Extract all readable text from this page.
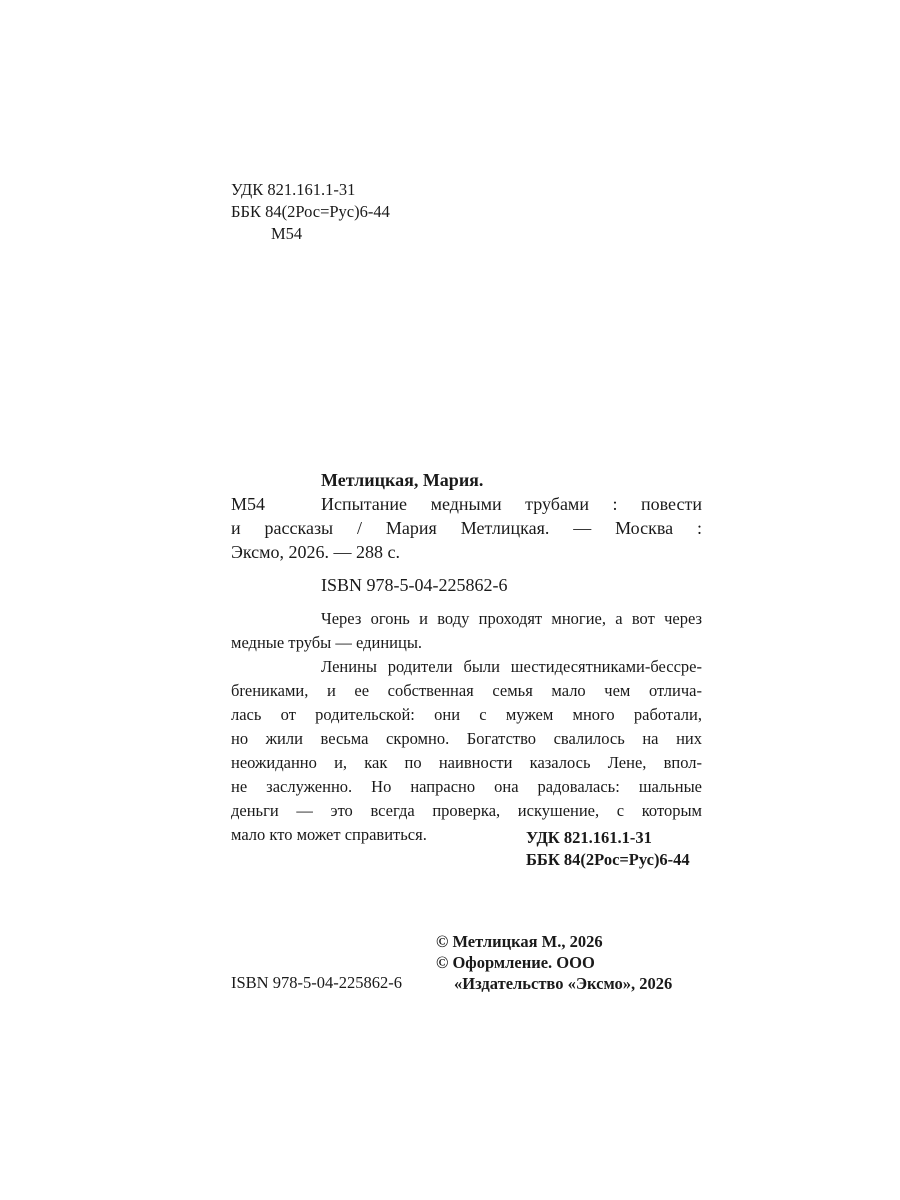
УДК 821.161.1-31
ББК 84(2Рос=Рус)6-44
М54
Метлицкая, Мария.
М54	Испытание медными трубами : повести
и рассказы / Мария Метлицкая. — Москва :
Эксмо, 2026. — 288 с.
ISBN 978-5-04-225862-6
Через огонь и воду проходят многие, а вот через
медные трубы — единицы.
Ленины родители были шестидесятниками-бессре-
бreниками, и ее собственная семья мало чем отлича-
лась от родительской: они с мужем много работали,
но жили весьма скромно. Богатство свалилось на них
неожиданно и, как по наивности казалось Лене, впол-
не заслуженно. Но напрасно она радовалась: шальные
деньги — это всегда проверка, искушение, с которым
мало кто может справиться.	УДК 821.161.1-31
ББК 84(2Рос=Рус)6-44
© Метлицкая М., 2026
© Оформление. ООО
«Издательство «Эксмо», 2026
ISBN 978-5-04-225862-6
